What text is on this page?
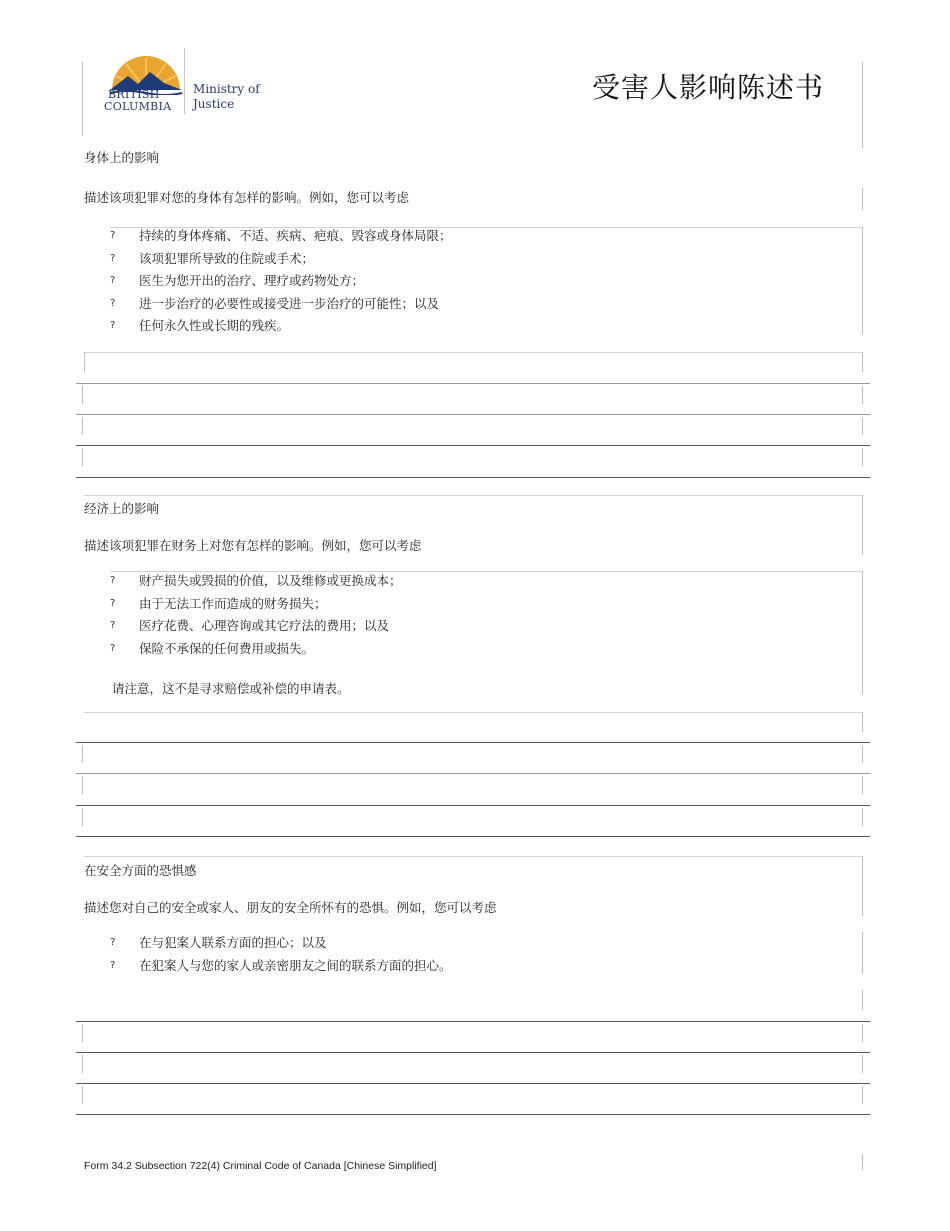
BRITISH
COLUMBIA
Ministry of
Justice	受害人影响陈述书
身体上的影响
描述该项犯罪对您的身体有怎样的影响。例如，您可以考虑
? 持续的身体疼痛、不适、疾病、疤痕、毁容或身体局限；
? 该项犯罪所导致的住院或手术；
? 医生为您开出的治疗、理疗或药物处方；
? 进一步治疗的必要性或接受进一步治疗的可能性；以及
? 任何永久性或长期的残疾。
经济上的影响
描述该项犯罪在财务上对您有怎样的影响。例如，您可以考虑
? 财产损失或毁损的价值，以及维修或更换成本；
? 由于无法工作而造成的财务损失；
? 医疗花费、心理咨询或其它疗法的费用；以及
? 保险不承保的任何费用或损失。
请注意，这不是寻求赔偿或补偿的申请表。
在安全方面的恐惧感
描述您对自己的安全或家人、朋友的安全所怀有的恐惧。例如，您可以考虑
? 在与犯案人联系方面的担心；以及
? 在犯案人与您的家人或亲密朋友之间的联系方面的担心。
Form 34.2 Subsection 722(4) Criminal Code of Canada [Chinese Simplified]
